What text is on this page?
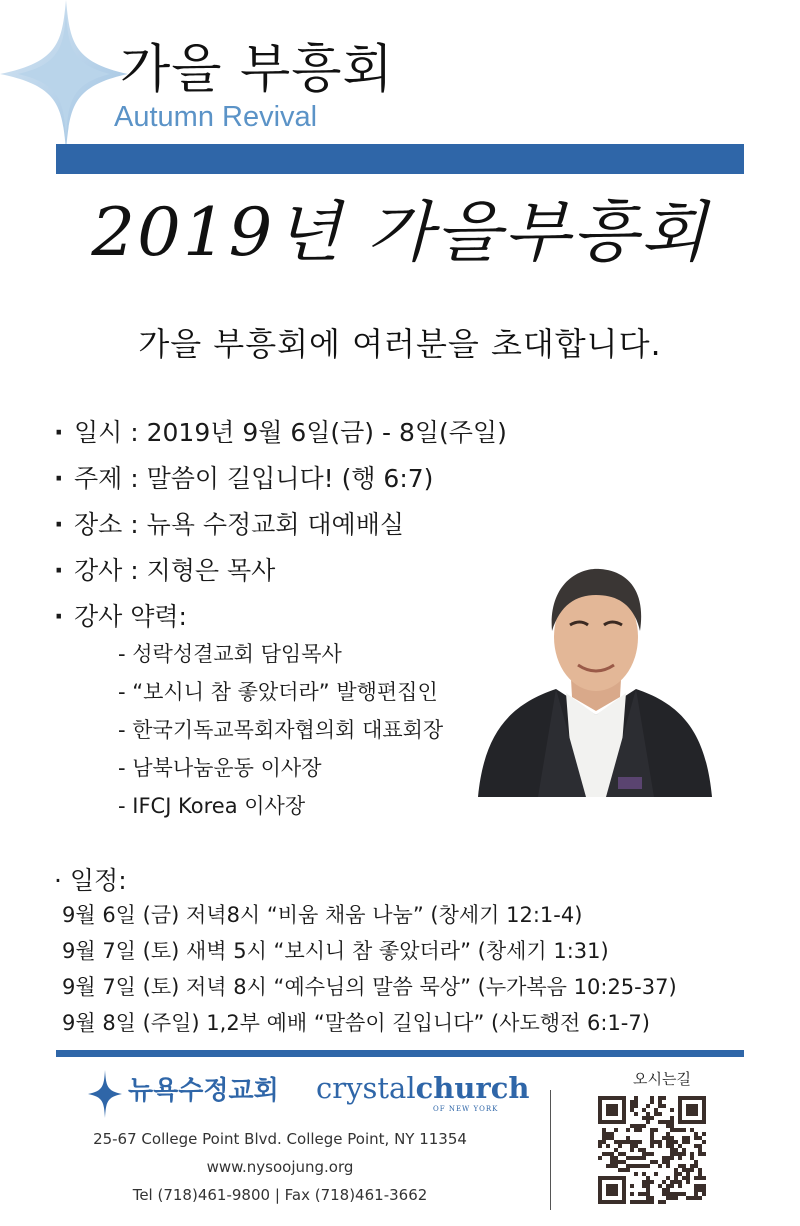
가을 부흥회
Autumn Revival
2019년 가을부흥회
가을 부흥회에 여러분을 초대합니다.
· 일시 : 2019년 9월 6일(금) - 8일(주일)
· 주제 : 말씀이 길입니다! (행 6:7)
· 장소 : 뉴욕 수정교회 대예배실
· 강사 : 지형은 목사
· 강사 약력:
- 성락성결교회 담임목사
- “보시니 참 좋았더라” 발행편집인
- 한국기독교목회자협의회 대표회장
- 남북나눔운동 이사장
- IFCJ Korea 이사장
· 일정:
9월 6일 (금) 저녁8시 “비움 채움 나눔” (창세기 12:1-4)
9월 7일 (토) 새벽 5시 “보시니 참 좋았더라” (창세기 1:31)
9월 7일 (토) 저녁 8시 “예수님의 말씀 묵상” (누가복음 10:25-37)
9월 8일 (주일) 1,2부 예배 “말씀이 길입니다” (사도행전 6:1-7)
뉴욕수정교회 crystalchurch
OF NEW YORK
25-67 College Point Blvd. College Point, NY 11354
www.nysoojung.org
Tel (718)461-9800 | Fax (718)461-3662
오시는길
